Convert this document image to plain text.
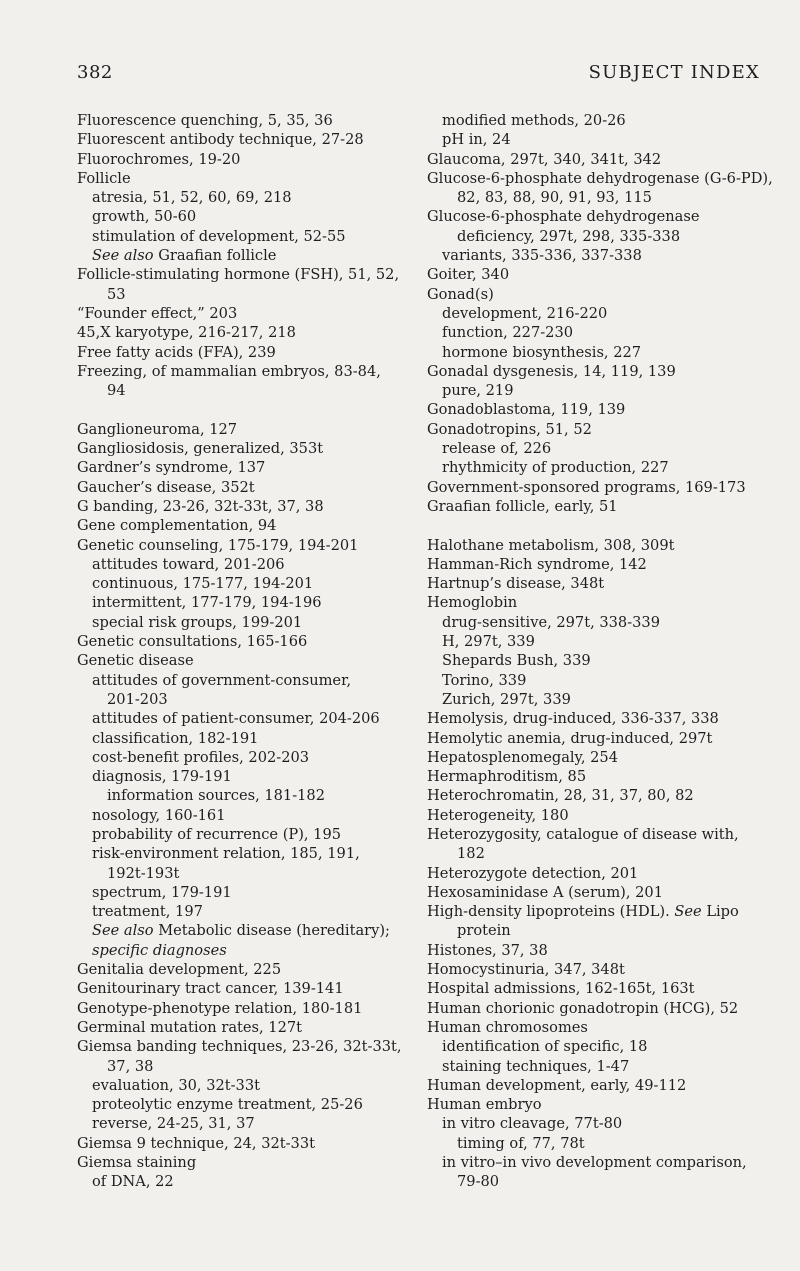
382	SUBJECT INDEX
Fluorescence quenching, 5, 35, 36
Fluorescent antibody technique, 27-28
Fluorochromes, 19-20
Follicle
atresia, 51, 52, 60, 69, 218
growth, 50-60
stimulation of development, 52-55
See also Graafian follicle
Follicle-stimulating hormone (FSH), 51, 52,
53
“Founder effect,” 203
45,X karyotype, 216-217, 218
Free fatty acids (FFA), 239
Freezing, of mammalian embryos, 83-84,
94
Ganglioneuroma, 127
Gangliosidosis, generalized, 353t
Gardner’s syndrome, 137
Gaucher’s disease, 352t
G banding, 23-26, 32t-33t, 37, 38
Gene complementation, 94
Genetic counseling, 175-179, 194-201
attitudes toward, 201-206
continuous, 175-177, 194-201
intermittent, 177-179, 194-196
special risk groups, 199-201
Genetic consultations, 165-166
Genetic disease
attitudes of government-consumer,
201-203
attitudes of patient-consumer, 204-206
classification, 182-191
cost-benefit profiles, 202-203
diagnosis, 179-191
information sources, 181-182
nosology, 160-161
probability of recurrence (P), 195
risk-environment relation, 185, 191,
192t-193t
spectrum, 179-191
treatment, 197
See also Metabolic disease (hereditary);
specific diagnoses
Genitalia development, 225
Genitourinary tract cancer, 139-141
Genotype-phenotype relation, 180-181
Germinal mutation rates, 127t
Giemsa banding techniques, 23-26, 32t-33t,
37, 38
evaluation, 30, 32t-33t
proteolytic enzyme treatment, 25-26
reverse, 24-25, 31, 37
Giemsa 9 technique, 24, 32t-33t
Giemsa staining
of DNA, 22
modified methods, 20-26
pH in, 24
Glaucoma, 297t, 340, 341t, 342
Glucose-6-phosphate dehydrogenase (G-6-PD),
82, 83, 88, 90, 91, 93, 115
Glucose-6-phosphate dehydrogenase
deficiency, 297t, 298, 335-338
variants, 335-336, 337-338
Goiter, 340
Gonad(s)
development, 216-220
function, 227-230
hormone biosynthesis, 227
Gonadal dysgenesis, 14, 119, 139
pure, 219
Gonadoblastoma, 119, 139
Gonadotropins, 51, 52
release of, 226
rhythmicity of production, 227
Government-sponsored programs, 169-173
Graafian follicle, early, 51
Halothane metabolism, 308, 309t
Hamman-Rich syndrome, 142
Hartnup’s disease, 348t
Hemoglobin
drug-sensitive, 297t, 338-339
H, 297t, 339
Shepards Bush, 339
Torino, 339
Zurich, 297t, 339
Hemolysis, drug-induced, 336-337, 338
Hemolytic anemia, drug-induced, 297t
Hepatosplenomegaly, 254
Hermaphroditism, 85
Heterochromatin, 28, 31, 37, 80, 82
Heterogeneity, 180
Heterozygosity, catalogue of disease with,
182
Heterozygote detection, 201
Hexosaminidase A (serum), 201
High-density lipoproteins (HDL). See Lipo
protein
Histones, 37, 38
Homocystinuria, 347, 348t
Hospital admissions, 162-165t, 163t
Human chorionic gonadotropin (HCG), 52
Human chromosomes
identification of specific, 18
staining techniques, 1-47
Human development, early, 49-112
Human embryo
in vitro cleavage, 77t-80
timing of, 77, 78t
in vitro–in vivo development comparison,
79-80
